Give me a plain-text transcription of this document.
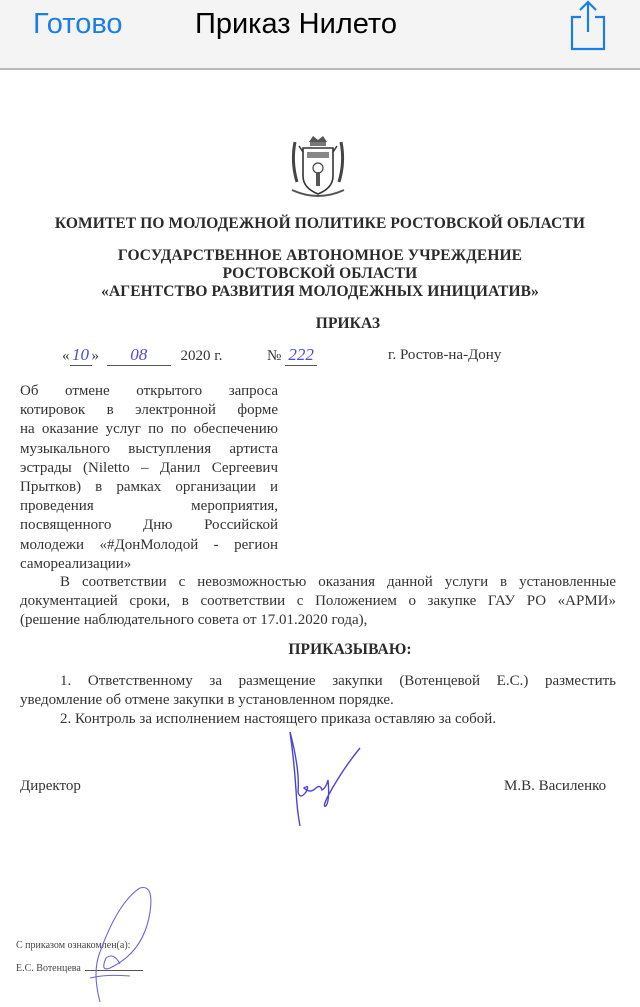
Готово Приказ Нилето
КОМИТЕТ ПО МОЛОДЕЖНОЙ ПОЛИТИКЕ РОСТОВСКОЙ ОБЛАСТИ
ГОСУДАРСТВЕННОЕ АВТОНОМНОЕ УЧРЕЖДЕНИЕ
РОСТОВСКОЙ ОБЛАСТИ
«АГЕНТСТВО РАЗВИТИЯ МОЛОДЕЖНЫХ ИНИЦИАТИВ»
ПРИКАЗ
« 10 » 08 2020 г.	№ 222	г. Ростов-на-Дону
Об отмене открытого запроса
котировок в электронной форме
на оказание услуг по по обеспечению
музыкального выступления артиста
эстрады (Niletto – Данил Сергеевич
Прытков) в рамках организации и
проведения мероприятия,
посвященного Дню Российской
молодежи «#ДонМолодой - регион
самореализации»
В соответствии с невозможностью оказания данной услуги в установленные
документацией сроки, в соответствии с Положением о закупке ГАУ РО «АРМИ»
(решение наблюдательного совета от 17.01.2020 года),
ПРИКАЗЫВАЮ:
1. Ответственному за размещение закупки (Вотенцевой Е.С.) разместить
уведомление об отмене закупки в установленном порядке.
2. Контроль за исполнением настоящего приказа оставляю за собой.
Директор	М.В. Василенко
С приказом ознакомлен(а):
Е.С. Вотенцева
